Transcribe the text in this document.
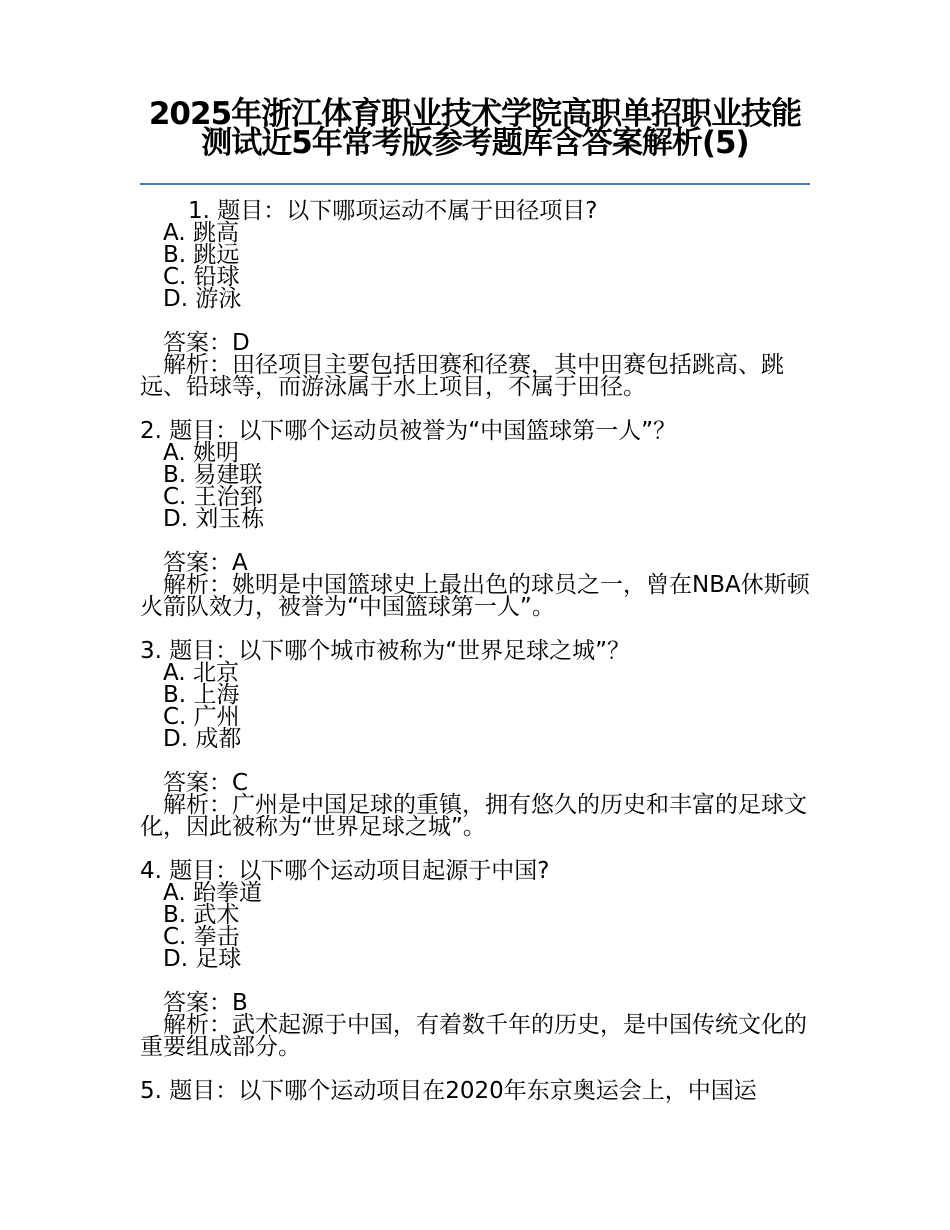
2025年浙江体育职业技术学院高职单招职业技能测试近5年常考版参考题库含答案解析(5)

1. 题目：以下哪项运动不属于田径项目?

A. 跳高

B. 跳远

C. 铅球

D. 游泳

答案：D

解析：田径项目主要包括田赛和径赛，其中田赛包括跳高、跳远、铅球等，而游泳属于水上项目，不属于田径。

2. 题目：以下哪个运动员被誉为“中国篮球第一人”？

A. 姚明

B. 易建联

C. 王治郅

D. 刘玉栋

答案：A

解析：姚明是中国篮球史上最出色的球员之一，曾在NBA休斯顿火箭队效力，被誉为“中国篮球第一人”。

3. 题目：以下哪个城市被称为“世界足球之城”？

A. 北京

B. 上海

C. 广州

D. 成都

答案：C

解析：广州是中国足球的重镇，拥有悠久的历史和丰富的足球文化，因此被称为“世界足球之城”。

4. 题目：以下哪个运动项目起源于中国?

A. 跆拳道

B. 武术

C. 拳击

D. 足球

答案：B

解析：武术起源于中国，有着数千年的历史，是中国传统文化的重要组成部分。

5. 题目：以下哪个运动项目在2020年东京奥运会上，中国运
